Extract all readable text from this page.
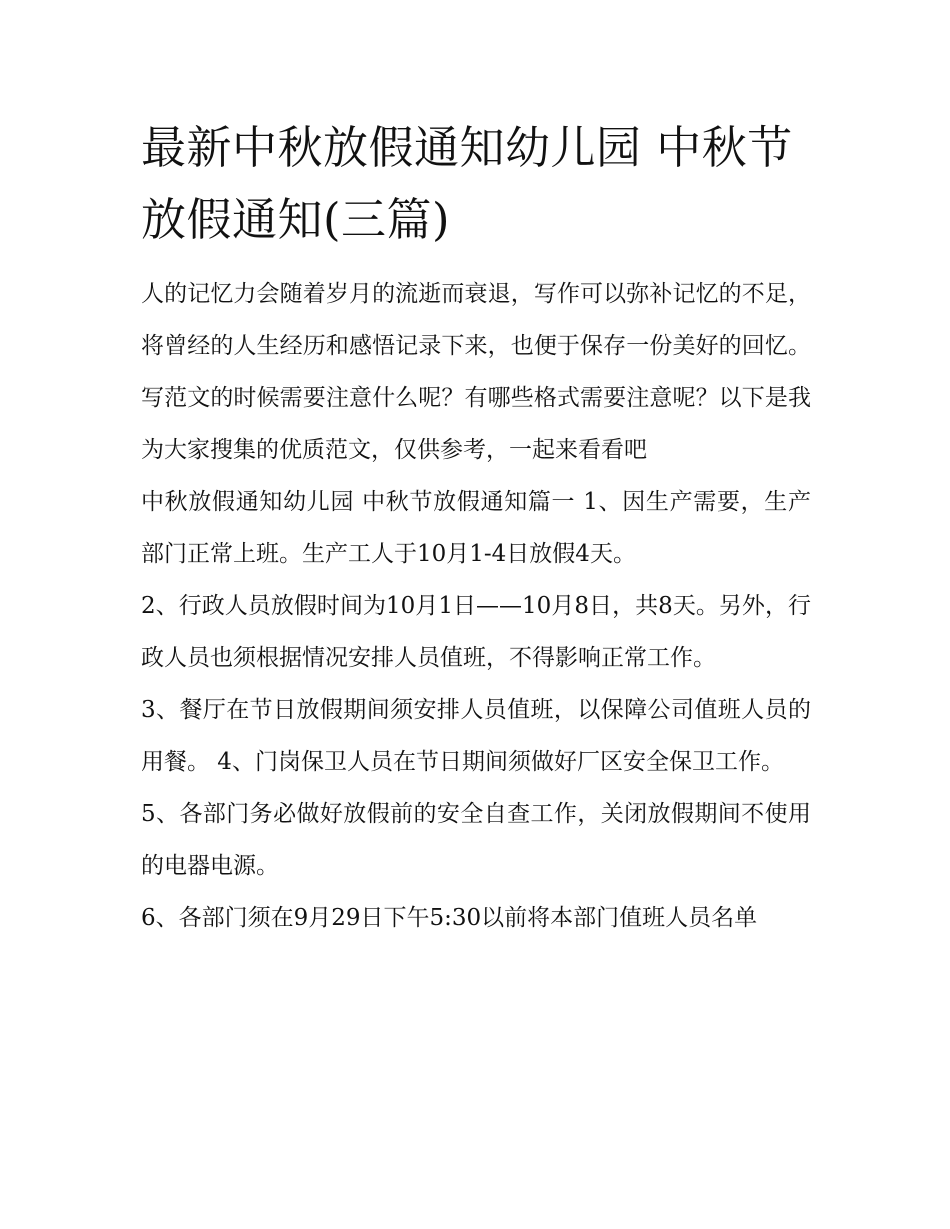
最新中秋放假通知幼儿园 中秋节放假通知(三篇)

人的记忆力会随着岁月的流逝而衰退，写作可以弥补记忆的不足，将曾经的人生经历和感悟记录下来，也便于保存一份美好的回忆。写范文的时候需要注意什么呢？有哪些格式需要注意呢？以下是我为大家搜集的优质范文，仅供参考，一起来看看吧

中秋放假通知幼儿园 中秋节放假通知篇一 1、因生产需要，生产部门正常上班。生产工人于10月1-4日放假4天。

2、行政人员放假时间为10月1日——10月8日，共8天。另外，行政人员也须根据情况安排人员值班，不得影响正常工作。

3、餐厅在节日放假期间须安排人员值班，以保障公司值班人员的用餐。 4、门岗保卫人员在节日期间须做好厂区安全保卫工作。

5、各部门务必做好放假前的安全自查工作，关闭放假期间不使用的电器电源。

6、各部门须在9月29日下午5:30以前将本部门值班人员名单
